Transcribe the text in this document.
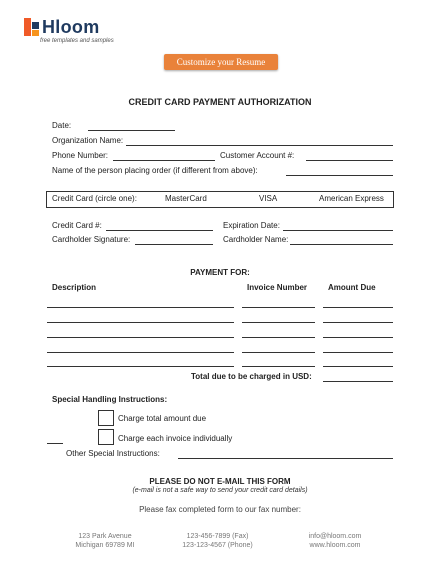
Hloom
free templates and samples
Customize your Resume
CREDIT CARD PAYMENT AUTHORIZATION
Date:
Organization Name:
Phone Number:	Customer Account #:
Name of the person placing order (if different from above):
Credit Card (circle one):	MasterCard	VISA	American Express
Credit Card #:	Expiration Date:
Cardholder Signature:	Cardholder Name:
PAYMENT FOR:
Description	Invoice Number	Amount Due
Total due to be charged in USD:
Special Handling Instructions:
Charge total amount due
Charge each invoice individually
Other Special Instructions:
PLEASE DO NOT E-MAIL THIS FORM
(e-mail is not a safe way to send your credit card details)
Please fax completed form to our fax number:
123 Park Avenue
Michigan 69789 MI
123-456-7899 (Fax)
123-123-4567 (Phone)
info@hloom.com
www.hloom.com
